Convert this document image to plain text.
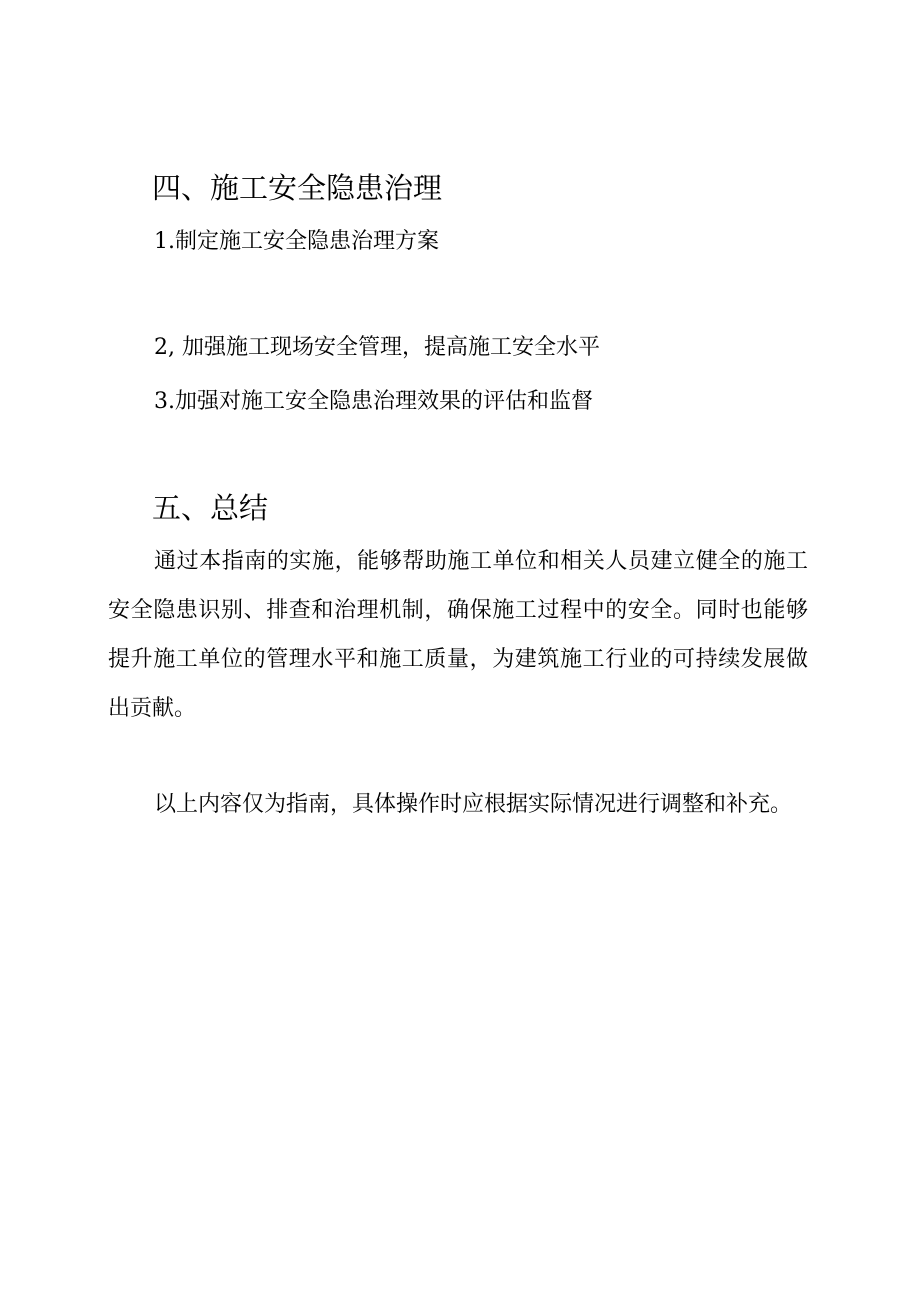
四、施工安全隐患治理

1.制定施工安全隐患治理方案

2, 加强施工现场安全管理，提高施工安全水平

3.加强对施工安全隐患治理效果的评估和监督

五、总结

通过本指南的实施，能够帮助施工单位和相关人员建立健全的施工安全隐患识别、排查和治理机制，确保施工过程中的安全。同时也能够提升施工单位的管理水平和施工质量，为建筑施工行业的可持续发展做出贡献。

以上内容仅为指南，具体操作时应根据实际情况进行调整和补充。
